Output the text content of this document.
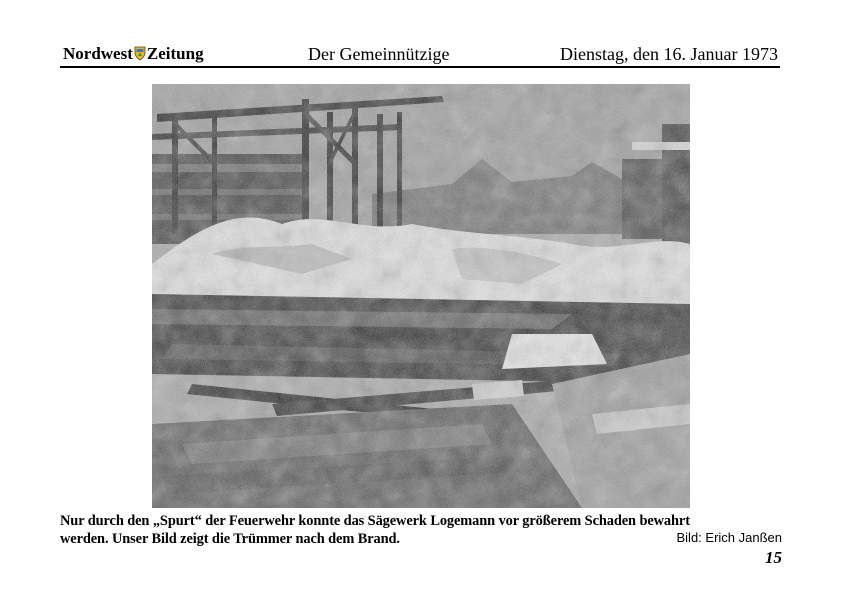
Nordwest Zeitung	Der Gemeinnützige	Dienstag, den 16. Januar 1973
Nur durch den „Spurt“ der Feuerwehr konnte das Sägewerk Logemann vor größerem Schaden bewahrt
werden. Unser Bild zeigt die Trümmer nach dem Brand.	Bild: Erich Janßen
15
